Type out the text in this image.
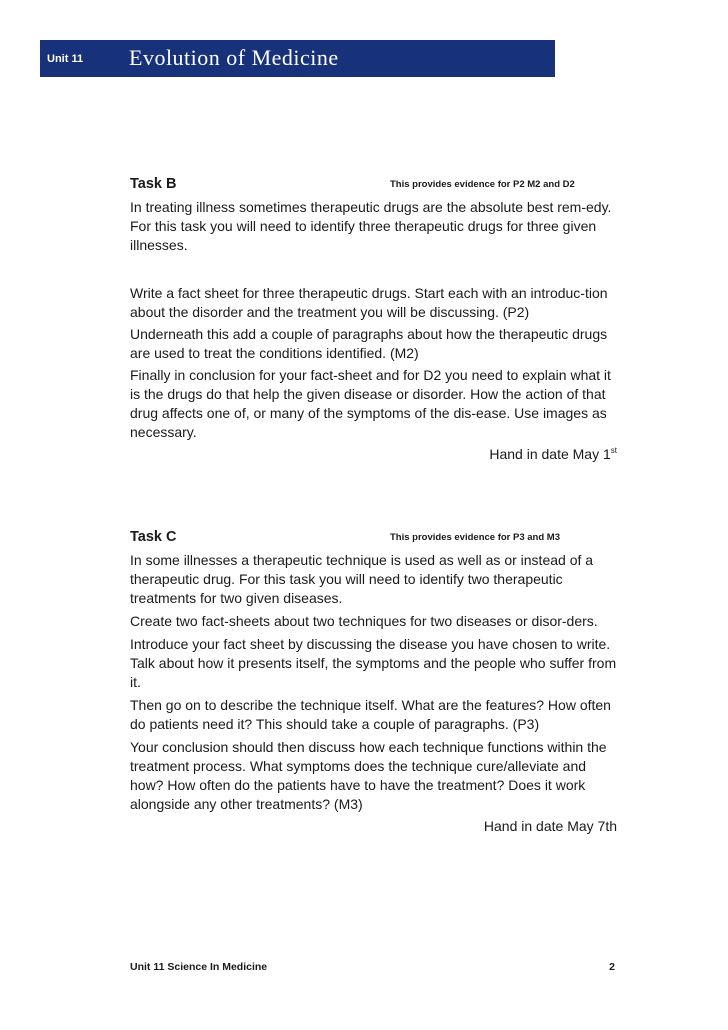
Unit 11 Evolution of Medicine
Task B	This provides evidence for P2 M2 and D2

In treating illness sometimes therapeutic drugs are the absolute best rem-edy. For this task you will need to identify three therapeutic drugs for three given illnesses.

Write a fact sheet for three therapeutic drugs. Start each with an introduc-tion about the disorder and the treatment you will be discussing. (P2)

Underneath this add a couple of paragraphs about how the therapeutic drugs are used to treat the conditions identified. (M2)

Finally in conclusion for your fact-sheet and for D2 you need to explain what it is the drugs do that help the given disease or disorder. How the action of that drug affects one of, or many of the symptoms of the dis-ease. Use images as necessary.

Hand in date May 1st

Task C	This provides evidence for P3 and M3

In some illnesses a therapeutic technique is used as well as or instead of a therapeutic drug. For this task you will need to identify two therapeutic treatments for two given diseases.

Create two fact-sheets about two techniques for two diseases or disor-ders.

Introduce your fact sheet by discussing the disease you have chosen to write. Talk about how it presents itself, the symptoms and the people who suffer from it.

Then go on to describe the technique itself. What are the features? How often do patients need it? This should take a couple of paragraphs. (P3)

Your conclusion should then discuss how each technique functions within the treatment process. What symptoms does the technique cure/alleviate and how? How often do the patients have to have the treatment? Does it work alongside any other treatments? (M3)

Hand in date May 7th

Unit 11 Science In Medicine	2
